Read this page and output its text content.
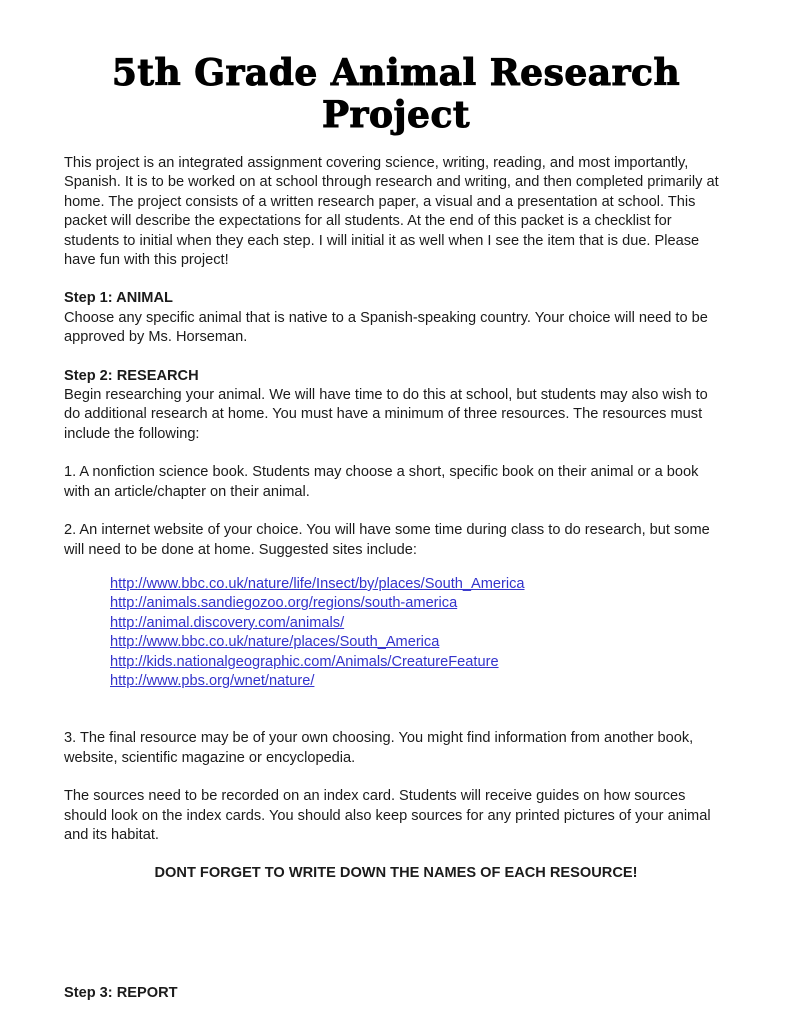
5th Grade Animal Research Project

This project is an integrated assignment covering science, writing, reading, and most importantly, Spanish. It is to be worked on at school through research and writing, and then completed primarily at home. The project consists of a written research paper, a visual and a presentation at school. This packet will describe the expectations for all students. At the end of this packet is a checklist for students to initial when they each step. I will initial it as well when I see the item that is due. Please have fun with this project!

Step 1: ANIMAL
Choose any specific animal that is native to a Spanish-speaking country. Your choice will need to be approved by Ms. Horseman.
Step 2: RESEARCH
Begin researching your animal. We will have time to do this at school, but students may also wish to do additional research at home. You must have a minimum of three resources. The resources must include the following:

1. A nonfiction science book. Students may choose a short, specific book on their animal or a book with an article/chapter on their animal.

2. An internet website of your choice. You will have some time during class to do research, but some will need to be done at home. Suggested sites include:

http://www.bbc.co.uk/nature/life/Insect/by/places/South_America
http://animals.sandiegozoo.org/regions/south-america
http://animal.discovery.com/animals/
http://www.bbc.co.uk/nature/places/South_America
http://kids.nationalgeographic.com/Animals/CreatureFeature
http://www.pbs.org/wnet/nature/

3. The final resource may be of your own choosing. You might find information from another book, website, scientific magazine or encyclopedia.

The sources need to be recorded on an index card. Students will receive guides on how sources should look on the index cards. You should also keep sources for any printed pictures of your animal and its habitat.

DONT FORGET TO WRITE DOWN THE NAMES OF EACH RESOURCE!

Step 3: REPORT
